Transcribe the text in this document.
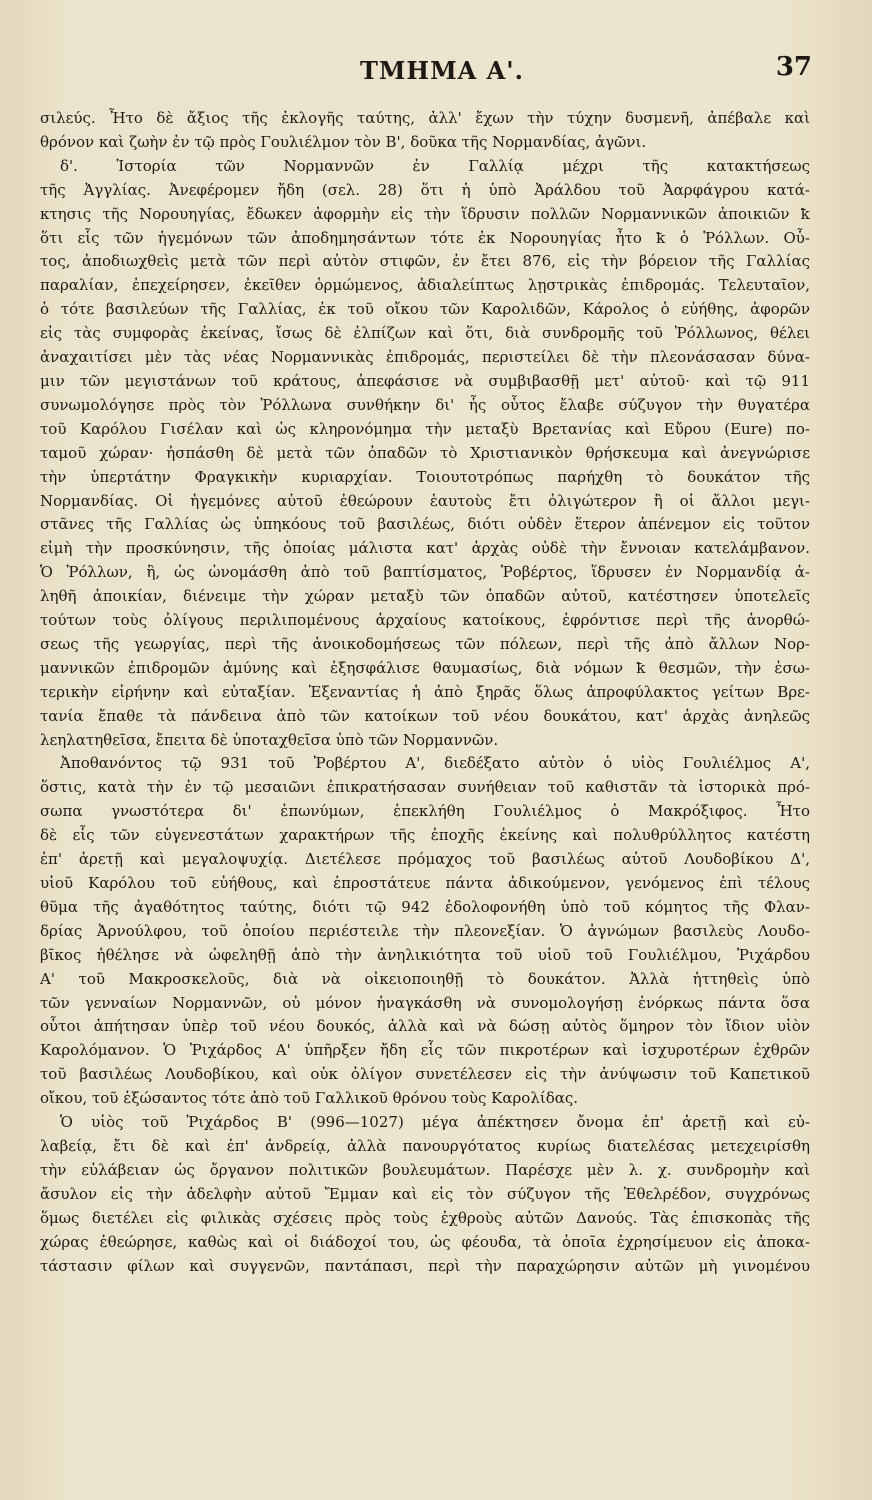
ΤΜΗΜΑ Α'.	37
σιλεύς. Ἦτο δὲ ἄξιος τῆς ἐκλογῆς ταύτης, ἀλλ' ἔχων τὴν τύχην δυσμενῆ, ἀπέβαλε καὶ
θρόνον καὶ ζωὴν ἐν τῷ πρὸς Γουλιέλμον τὸν Β', δοῦκα τῆς Νορμανδίας, ἀγῶνι.
δ'. Ἱστορία τῶν Νορμαννῶν ἐν Γαλλίᾳ μέχρι τῆς κατακτήσεως
τῆς Ἀγγλίας. Ἀνεφέρομεν ἤδη (σελ. 28) ὅτι ἡ ὑπὸ Ἀράλδου τοῦ Ἀαρφάγρου κατά-
κτησις τῆς Νορουηγίας, ἔδωκεν ἀφορμὴν εἰς τὴν ἵδρυσιν πολλῶν Νορμαννικῶν ἀποικιῶν ꝁ
ὅτι εἷς τῶν ἡγεμόνων τῶν ἀποδημησάντων τότε ἐκ Νορουηγίας ἦτο ꝁ ὁ Ῥόλλων. Οὗ-
τος, ἀποδιωχθεὶς μετὰ τῶν περὶ αὐτὸν στιφῶν, ἐν ἔτει 876, εἰς τὴν βόρειον τῆς Γαλλίας
παραλίαν, ἐπεχείρησεν, ἐκεῖθεν ὁρμώμενος, ἀδιαλείπτως λῃστρικὰς ἐπιδρομάς. Τελευταῖον,
ὁ τότε βασιλεύων τῆς Γαλλίας, ἐκ τοῦ οἴκου τῶν Καρολιδῶν, Κάρολος ὁ εὐήθης, ἀφορῶν
εἰς τὰς συμφορὰς ἐκείνας, ἴσως δὲ ἐλπίζων καὶ ὅτι, διὰ συνδρομῆς τοῦ Ῥόλλωνος, θέλει
ἀναχαιτίσει μὲν τὰς νέας Νορμαννικὰς ἐπιδρομάς, περιστείλει δὲ τὴν πλεονάσασαν δύνα-
μιν τῶν μεγιστάνων τοῦ κράτους, ἀπεφάσισε νὰ συμβιβασθῇ μετ' αὐτοῦ· καὶ τῷ 911
συνωμολόγησε πρὸς τὸν Ῥόλλωνα συνθήκην δι' ἧς οὗτος ἔλαβε σύζυγον τὴν θυγατέρα
τοῦ Καρόλου Γισέλαν καὶ ὡς κληρονόμημα τὴν μεταξὺ Βρετανίας καὶ Εὔρου (Eure) πο-
ταμοῦ χώραν· ἠσπάσθη δὲ μετὰ τῶν ὀπαδῶν τὸ Χριστιανικὸν θρήσκευμα καὶ ἀνεγνώρισε
τὴν ὑπερτάτην Φραγκικὴν κυριαρχίαν. Τοιουτοτρόπως παρήχθη τὸ δουκάτον τῆς
Νορμανδίας. Οἱ ἡγεμόνες αὐτοῦ ἐθεώρουν ἑαυτοὺς ἔτι ὀλιγώτερον ἢ οἱ ἄλλοι μεγι-
στᾶνες τῆς Γαλλίας ὡς ὑπηκόους τοῦ βασιλέως, διότι οὐδὲν ἕτερον ἀπένεμον εἰς τοῦτον
εἰμὴ τὴν προσκύνησιν, τῆς ὁποίας μάλιστα κατ' ἀρχὰς οὐδὲ τὴν ἔννοιαν κατελάμβανον.
Ὁ Ῥόλλων, ἢ, ὡς ὠνομάσθη ἀπὸ τοῦ βαπτίσματος, Ῥοβέρτος, ἵδρυσεν ἐν Νορμανδίᾳ ἀ-
ληθῆ ἀποικίαν, διένειμε τὴν χώραν μεταξὺ τῶν ὀπαδῶν αὐτοῦ, κατέστησεν ὑποτελεῖς
τούτων τοὺς ὀλίγους περιλιπομένους ἀρχαίους κατοίκους, ἐφρόντισε περὶ τῆς ἀνορθώ-
σεως τῆς γεωργίας, περὶ τῆς ἀνοικοδομήσεως τῶν πόλεων, περὶ τῆς ἀπὸ ἄλλων Νορ-
μαννικῶν ἐπιδρομῶν ἀμύνης καὶ ἐξησφάλισε θαυμασίως, διὰ νόμων ꝁ θεσμῶν, τὴν ἐσω-
τερικὴν εἰρήνην καὶ εὐταξίαν. Ἐξεναντίας ἡ ἀπὸ ξηρᾶς ὅλως ἀπροφύλακτος γείτων Βρε-
τανία ἔπαθε τὰ πάνδεινα ἀπὸ τῶν κατοίκων τοῦ νέου δουκάτου, κατ' ἀρχὰς ἀνηλεῶς
λεηλατηθεῖσα, ἔπειτα δὲ ὑποταχθεῖσα ὑπὸ τῶν Νορμαννῶν.
Ἀποθανόντος τῷ 931 τοῦ Ῥοβέρτου Α', διεδέξατο αὐτὸν ὁ υἱὸς Γουλιέλμος Α',
ὅστις, κατὰ τὴν ἐν τῷ μεσαιῶνι ἐπικρατήσασαν συνήθειαν τοῦ καθιστᾶν τὰ ἱστορικὰ πρό-
σωπα γνωστότερα δι' ἐπωνύμων, ἐπεκλήθη Γουλιέλμος ὁ Μακρόξιφος. Ἦτο
δὲ εἷς τῶν εὐγενεστάτων χαρακτήρων τῆς ἐποχῆς ἐκείνης καὶ πολυθρύλλητος κατέστη
ἐπ' ἀρετῇ καὶ μεγαλοψυχίᾳ. Διετέλεσε πρόμαχος τοῦ βασιλέως αὐτοῦ Λουδοβίκου Δ',
υἱοῦ Καρόλου τοῦ εὐήθους, καὶ ἐπροστάτευε πάντα ἀδικούμενον, γενόμενος ἐπὶ τέλους
θῦμα τῆς ἀγαθότητος ταύτης, διότι τῷ 942 ἐδολοφονήθη ὑπὸ τοῦ κόμητος τῆς Φλαν-
δρίας Ἀρνούλφου, τοῦ ὁποίου περιέστειλε τὴν πλεονεξίαν. Ὁ ἀγνώμων βασιλεὺς Λουδο-
βῖκος ἠθέλησε νὰ ὠφεληθῇ ἀπὸ τὴν ἀνηλικιότητα τοῦ υἱοῦ τοῦ Γουλιέλμου, Ῥιχάρδου
Α' τοῦ Μακροσκελοῦς, διὰ νὰ οἰκειοποιηθῇ τὸ δουκάτον. Ἀλλὰ ἡττηθεὶς ὑπὸ
τῶν γενναίων Νορμαννῶν, οὐ μόνον ἠναγκάσθη νὰ συνομολογήσῃ ἐνόρκως πάντα ὅσα
οὗτοι ἀπήτησαν ὑπὲρ τοῦ νέου δουκός, ἀλλὰ καὶ νὰ δώσῃ αὐτὸς ὅμηρον τὸν ἴδιον υἱὸν
Καρολόμανον. Ὁ Ῥιχάρδος Α' ὑπῆρξεν ἤδη εἷς τῶν πικροτέρων καὶ ἰσχυροτέρων ἐχθρῶν
τοῦ βασιλέως Λουδοβίκου, καὶ οὐκ ὀλίγον συνετέλεσεν εἰς τὴν ἀνύψωσιν τοῦ Καπετικοῦ
οἴκου, τοῦ ἐξώσαντος τότε ἀπὸ τοῦ Γαλλικοῦ θρόνου τοὺς Καρολίδας.
Ὁ υἱὸς τοῦ Ῥιχάρδος Β' (996—1027) μέγα ἀπέκτησεν ὄνομα ἐπ' ἀρετῇ καὶ εὐ-
λαβείᾳ, ἔτι δὲ καὶ ἐπ' ἀνδρείᾳ, ἀλλὰ πανουργότατος κυρίως διατελέσας μετεχειρίσθη
τὴν εὐλάβειαν ὡς ὄργανον πολιτικῶν βουλευμάτων. Παρέσχε μὲν λ. χ. συνδρομὴν καὶ
ἄσυλον εἰς τὴν ἀδελφὴν αὐτοῦ Ἔμμαν καὶ εἰς τὸν σύζυγον τῆς Ἐθελρέδον, συγχρόνως
ὅμως διετέλει εἰς φιλικὰς σχέσεις πρὸς τοὺς ἐχθροὺς αὐτῶν Δανούς. Τὰς ἐπισκοπὰς τῆς
χώρας ἐθεώρησε, καθὼς καὶ οἱ διάδοχοί του, ὡς φέουδα, τὰ ὁποῖα ἐχρησίμευον εἰς ἀποκα-
τάστασιν φίλων καὶ συγγενῶν, παντάπασι, περὶ τὴν παραχώρησιν αὐτῶν μὴ γινομένου
